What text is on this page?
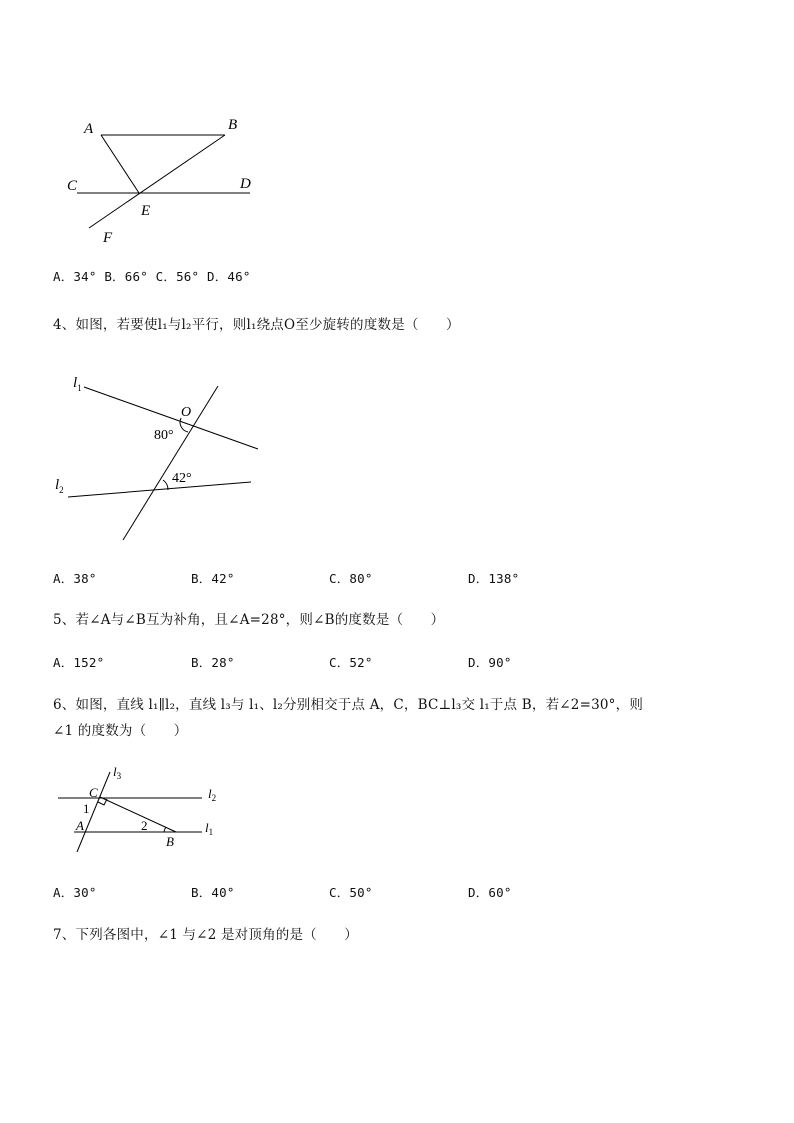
A	B
C	D
E
F
A．34° B．66° C．56° D．46°
4、如图，若要使l₁与l₂平行，则l₁绕点O至少旋转的度数是（　　）
$l_1$
$l_2$
O
80°
42°
A．38°	B．42°	C．80°	D．138°
5、若∠A与∠B互为补角，且∠A=28°，则∠B的度数是（　　）
A．152°	B．28°	C．52°	D．90°
6、如图，直线 l₁∥l₂，直线 l₃与 l₁、l₂分别相交于点 A，C，BC⊥l₃交 l₁于点 B，若∠2=30°，则
∠1 的度数为（　　）
$l_3$
$l_2$
$l_1$
C
A
B
1
2
A．30°	B．40°	C．50°	D．60°
7、下列各图中，∠1 与∠2 是对顶角的是（　　）
